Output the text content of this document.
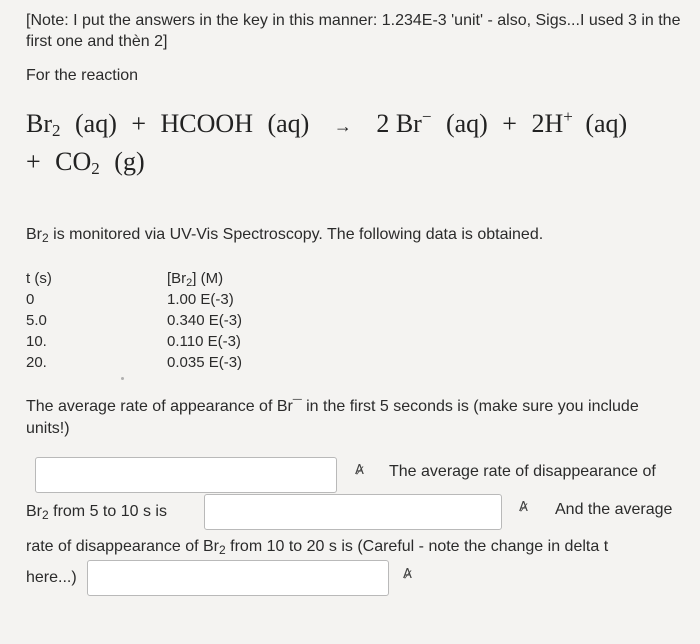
[Note: I put the answers in the key in this manner: 1.234E-3 'unit' - also, Sigs...I used 3 in the first one and thèn 2]
For the reaction
$Br_2$ (aq) + HCOOH (aq) → 2 Br− (aq) + 2H+ (aq)
+ $CO_2$ (g)
$Br_2$ is monitored via UV-Vis Spectroscopy. The following data is obtained.
t (s)
0
5.0
10.
20.
$[Br_2]$ (M)
1.00 E(-3)
0.340 E(-3)
0.110 E(-3)
0.035 E(-3)
The average rate of appearance of Br¯ in the first 5 seconds is (make sure you include units!)
A̷ The average rate of disappearance of
$Br_2$ from 5 to 10 s is	A̷ And the average
rate of disappearance of $Br_2$ from 10 to 20 s is (Careful - note the change in delta t
here...)	A̷
